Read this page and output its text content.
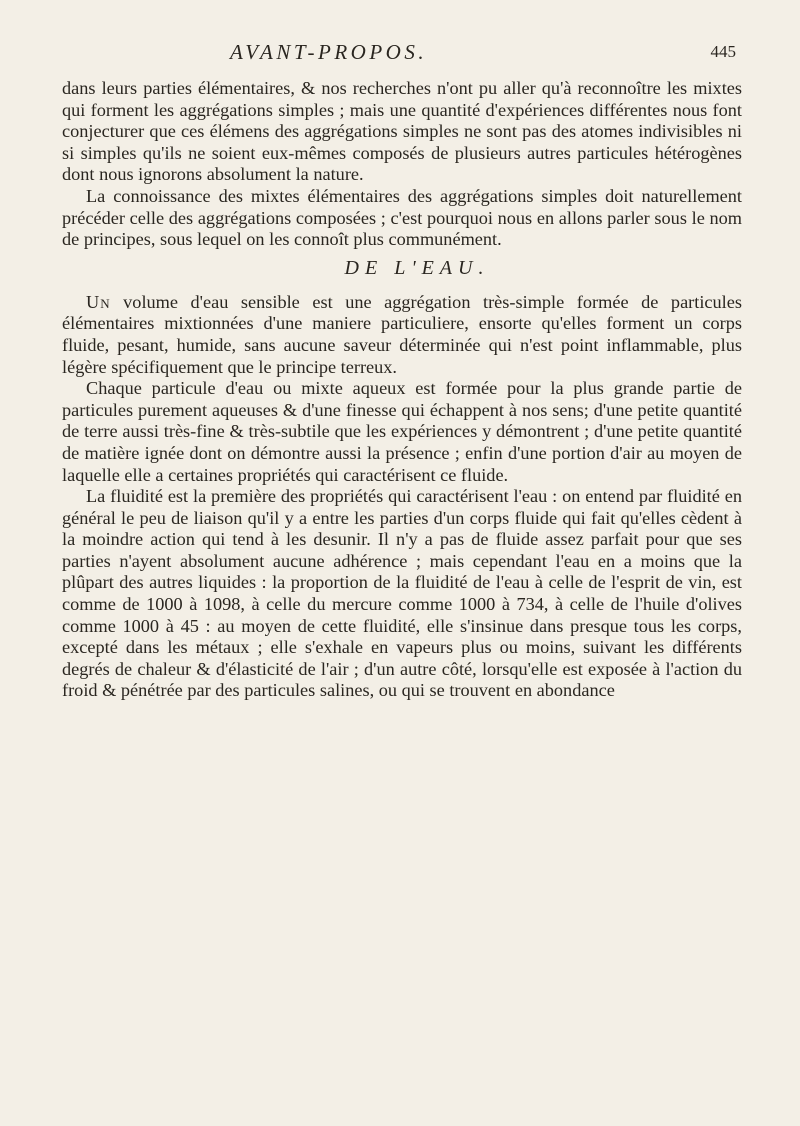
AVANT-PROPOS.	445

dans leurs parties élémentaires, & nos recherches n'ont pu aller qu'à reconnoître les mixtes qui forment les aggrégations simples ; mais une quantité d'expériences différentes nous font conjecturer que ces élémens des aggrégations simples ne sont pas des atomes indivisibles ni si simples qu'ils ne soient eux-mêmes composés de plusieurs autres particules hétérogènes dont nous ignorons absolument la nature.

La connoissance des mixtes élémentaires des aggrégations simples doit naturellement précéder celle des aggrégations composées ; c'est pourquoi nous en allons parler sous le nom de principes, sous lequel on les connoît plus communément.

DE L'EAU.

Un volume d'eau sensible est une aggrégation très-simple formée de particules élémentaires mixtionnées d'une maniere particuliere, ensorte qu'elles forment un corps fluide, pesant, humide, sans aucune saveur déterminée qui n'est point inflammable, plus légère spécifiquement que le principe terreux.

Chaque particule d'eau ou mixte aqueux est formée pour la plus grande partie de particules purement aqueuses & d'une finesse qui échappent à nos sens; d'une petite quantité de terre aussi très-fine & très-subtile que les expériences y démontrent ; d'une petite quantité de matière ignée dont on démontre aussi la présence ; enfin d'une portion d'air au moyen de laquelle elle a certaines propriétés qui caractérisent ce fluide.

La fluidité est la première des propriétés qui caractérisent l'eau : on entend par fluidité en général le peu de liaison qu'il y a entre les parties d'un corps fluide qui fait qu'elles cèdent à la moindre action qui tend à les desunir. Il n'y a pas de fluide assez parfait pour que ses parties n'ayent absolument aucune adhérence ; mais cependant l'eau en a moins que la plûpart des autres liquides : la proportion de la fluidité de l'eau à celle de l'esprit de vin, est comme de 1000 à 1098, à celle du mercure comme 1000 à 734, à celle de l'huile d'olives comme 1000 à 45 : au moyen de cette fluidité, elle s'insinue dans presque tous les corps, excepté dans les métaux ; elle s'exhale en vapeurs plus ou moins, suivant les différents degrés de chaleur & d'élasticité de l'air ; d'un autre côté, lorsqu'elle est exposée à l'action du froid & pénétrée par des particules salines, ou qui se trouvent en abondance
